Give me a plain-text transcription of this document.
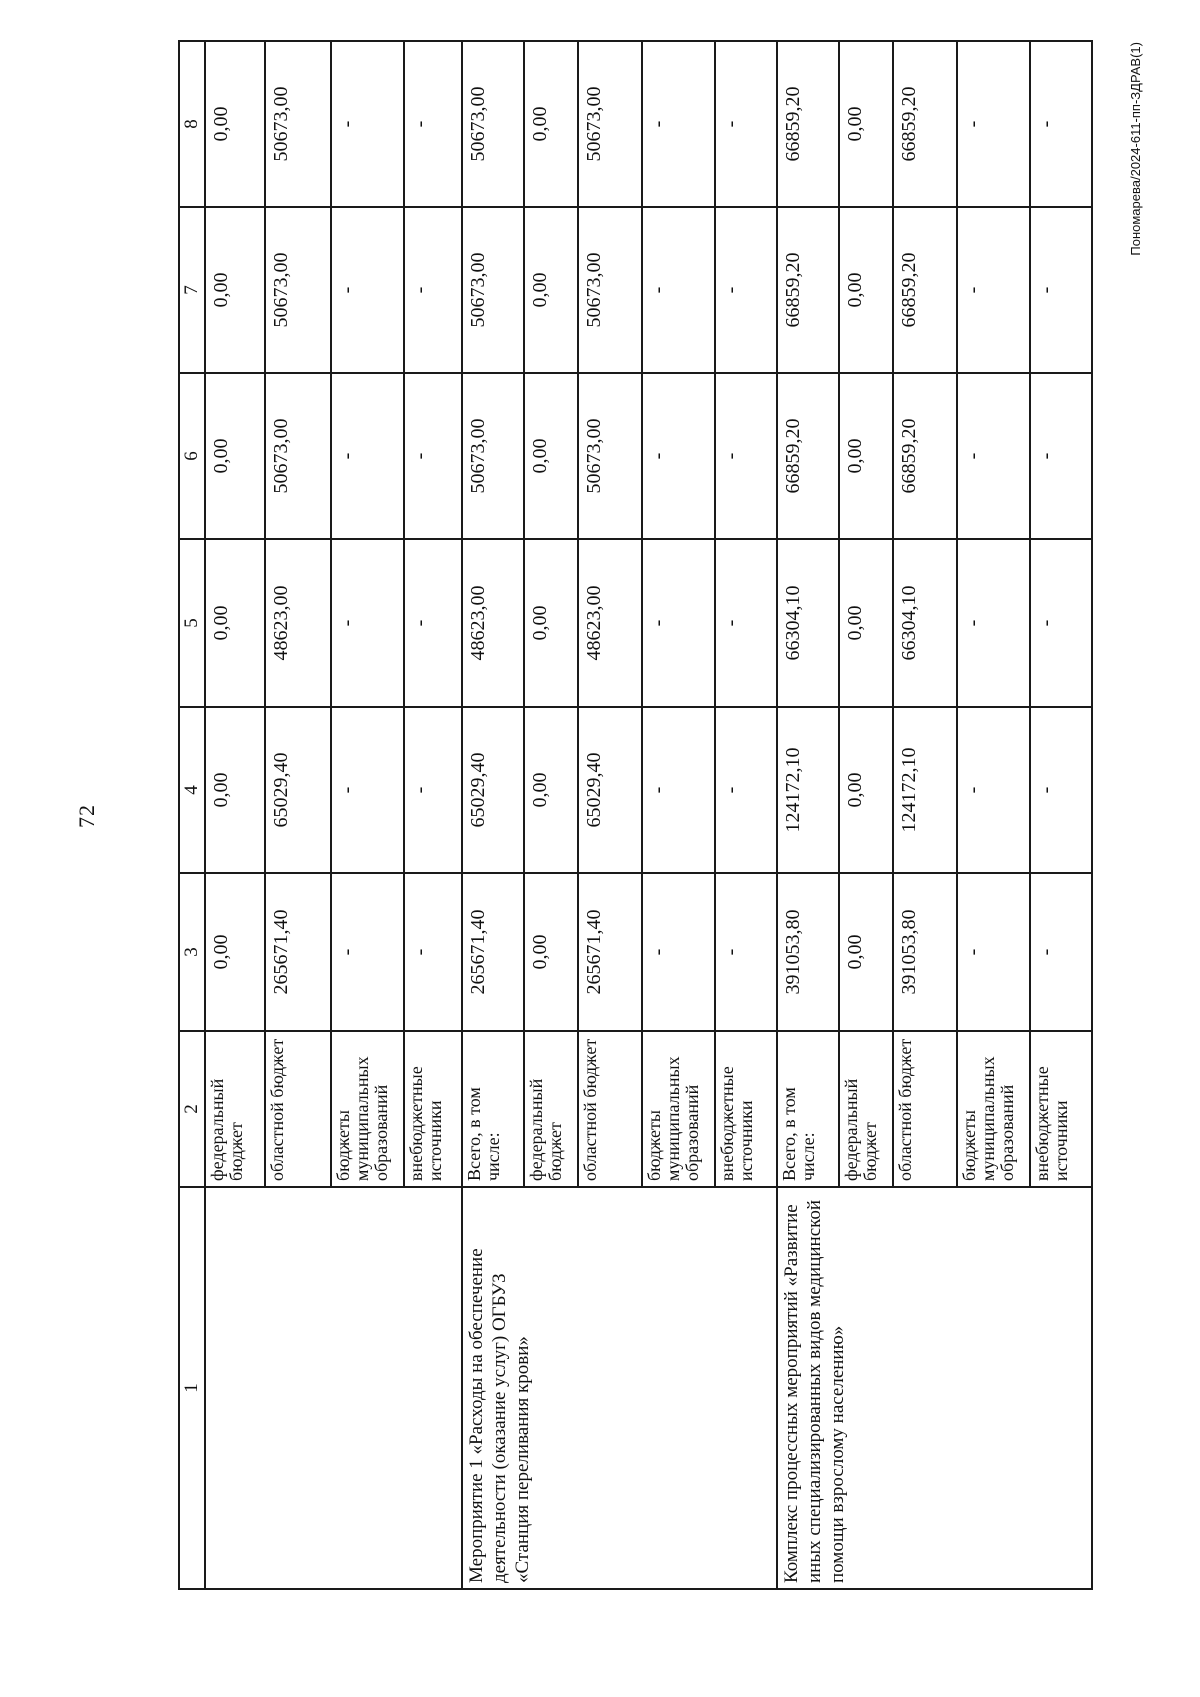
72
1	2	3	4	5	6	7	8
	федеральный бюджет	0,00	0,00	0,00	0,00	0,00	0,00
	областной бюджет	265671,40	65029,40	48623,00	50673,00	50673,00	50673,00
	бюджеты муниципальных образований	-	-	-	-	-	-
	внебюджетные источники	-	-	-	-	-	-
Мероприятие 1 «Расходы на обеспечение деятельности (оказание услуг) ОГБУЗ «Станция переливания крови»	Всего, в том числе:	265671,40	65029,40	48623,00	50673,00	50673,00	50673,00
	федеральный бюджет	0,00	0,00	0,00	0,00	0,00	0,00
	областной бюджет	265671,40	65029,40	48623,00	50673,00	50673,00	50673,00
	бюджеты муниципальных образований	-	-	-	-	-	-
	внебюджетные источники	-	-	-	-	-	-
Комплекс процессных мероприятий «Развитие иных специализированных видов медицинской помощи взрослому населению»	Всего, в том числе:	391053,80	124172,10	66304,10	66859,20	66859,20	66859,20
	федеральный бюджет	0,00	0,00	0,00	0,00	0,00	0,00
	областной бюджет	391053,80	124172,10	66304,10	66859,20	66859,20	66859,20
	бюджеты муниципальных образований	-	-	-	-	-	-
	внебюджетные источники	-	-	-	-	-	-	Пономарева/2024-611-пп-ЗДРАВ(1)
